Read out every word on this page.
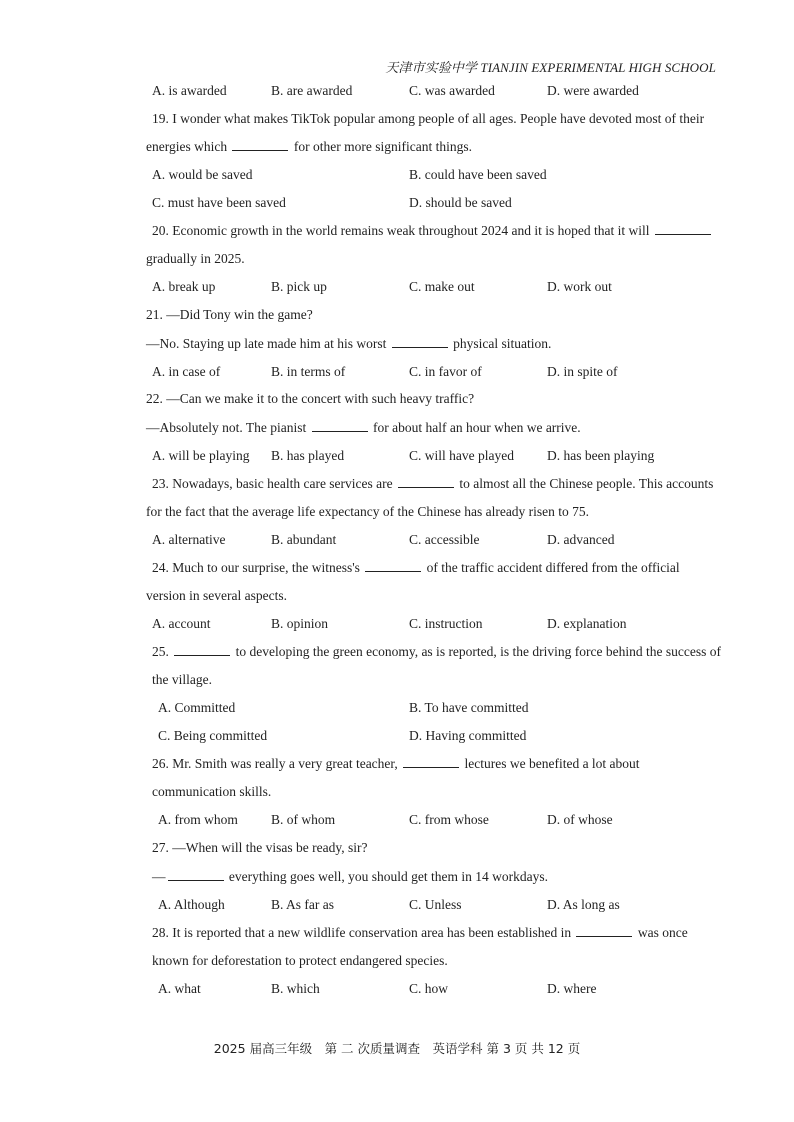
天津市实验中学 TIANJIN EXPERIMENTAL HIGH SCHOOL
A. is awarded	B. are awarded	C. was awarded	D. were awarded
19. I wonder what makes TikTok popular among people of all ages. People have devoted most of their
energies which	for other more significant things.
A. would be saved	B. could have been saved
C. must have been saved	D. should be saved
20. Economic growth in the world remains weak throughout 2024 and it is hoped that it will
gradually in 2025.
A. break up	B. pick up	C. make out	D. work out
21. —Did Tony win the game?
—No. Staying up late made him at his worst	physical situation.
A. in case of	B. in terms of	C. in favor of	D. in spite of
22. —Can we make it to the concert with such heavy traffic?
—Absolutely not. The pianist	for about half an hour when we arrive.
A. will be playing B. has played	C. will have played D. has been playing
23. Nowadays, basic health care services are	to almost all the Chinese people. This accounts
for the fact that the average life expectancy of the Chinese has already risen to 75.
A. alternative	B. abundant	C. accessible	D. advanced
24. Much to our surprise, the witness's	of the traffic accident differed from the official
version in several aspects.
A. account	B. opinion	C. instruction	D. explanation
25.	to developing the green economy, as is reported, is the driving force behind the success of
the village.
A. Committed	B. To have committed
C. Being committed	D. Having committed
26. Mr. Smith was really a very great teacher,	lectures we benefited a lot about
communication skills.
A. from whom B. of whom	C. from whose	D. of whose
27. —When will the visas be ready, sir?
—	everything goes well, you should get them in 14 workdays.
A. Although	B. As far as	C. Unless	D. As long as
28. It is reported that a new wildlife conservation area has been established in	was once
known for deforestation to protect endangered species.
A. what	B. which	C. how	D. where
2025 届高三年级　第 二 次质量调查　英语学科 第 3 页 共 12 页
